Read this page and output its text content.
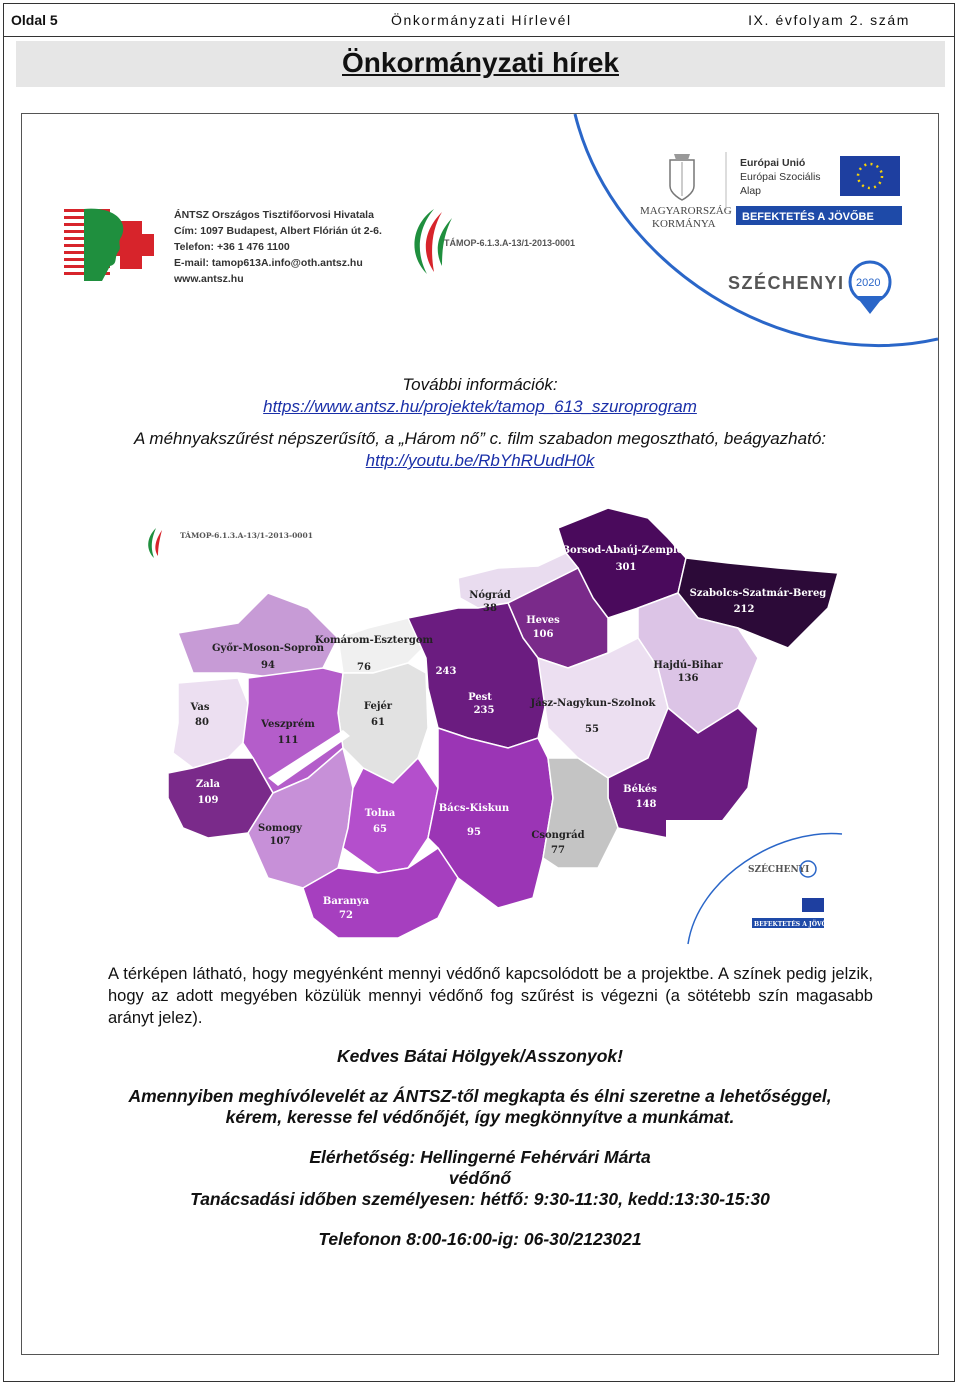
Oldal 5	Önkormányzati Hírlevél	IX. évfolyam 2. szám
Önkormányzati hírek
ÁNTSZ Országos Tisztifőorvosi Hivatala
Cím: 1097 Budapest, Albert Flórián út 2-6.
Telefon: +36 1 476 1100
E-mail: tamop613A.info@oth.antsz.hu
www.antsz.hu
TÁMOP-6.1.3.A-13/1-2013-0001
MAGYARORSZÁG
KORMÁNYA
Európai Unió
Európai Szociális
Alap
BEFEKTETÉS A JÖVŐBE
SZÉCHENYI 2020
További információk:
https://www.antsz.hu/projektek/tamop_613_szuroprogram
A méhnyakszűrést népszerűsítő, a „Három nő” c. film szabadon megosztható, beágyazható:
http://youtu.be/RbYhRUudH0k
TÁMOP-6.1.3.A-13/1-2013-0001
Borsod-Abaúj-Zemplén
301
Szabolcs-Szatmár-Bereg
212
Nógrád
38
Heves
106
Győr-Moson-Sopron
94
Komárom-Esztergom
76	243
Pest
235
Hajdú-Bihar
136
Vas
80
Fejér
61
Veszprém
111
Jász-Nagykun-Szolnok
55
Zala
109
Somogy
107
Tolna
65
Bács-Kiskun
95
Békés
148
Csongrád
77
Baranya
72
SZÉCHENYI
BEFEKTETÉS A JÖVŐBE
A térképen látható, hogy megyénként mennyi védőnő kapcsolódott be a projektbe. A színek pedig jelzik, hogy az adott megyében közülük mennyi védőnő fog szűrést is végezni (a sötétebb szín magasabb arányt jelez).
Kedves Bátai Hölgyek/Asszonyok!
Amennyiben meghívólevelét az ÁNTSZ-től megkapta és élni szeretne a lehetőséggel,
kérem, keresse fel védőnőjét, így megkönnyítve a munkámat.
Elérhetőség: Hellingerné Fehérvári Márta
védőnő
Tanácsadási időben személyesen: hétfő: 9:30-11:30, kedd:13:30-15:30
Telefonon 8:00-16:00-ig: 06-30/2123021
